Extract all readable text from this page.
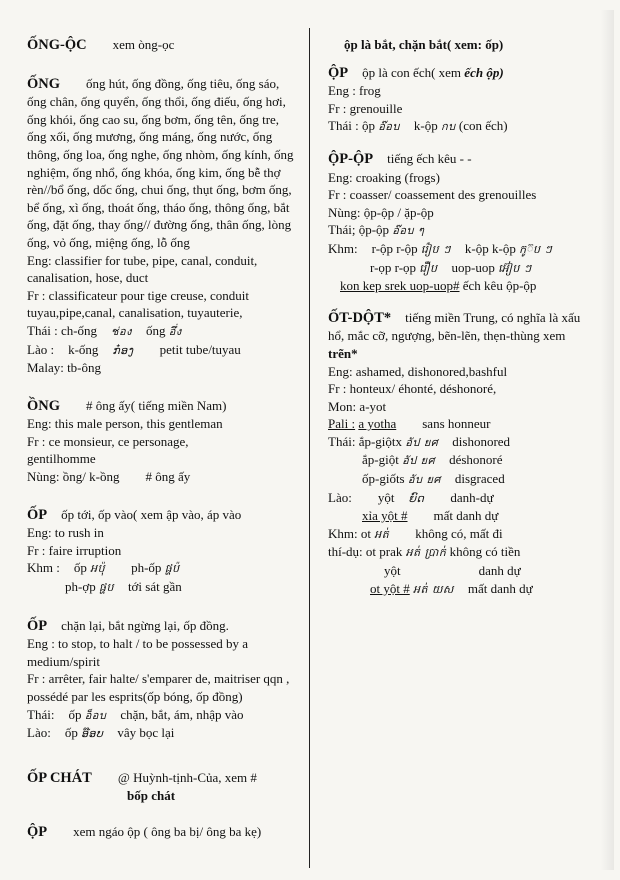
ỐNG-ỘC xem òng-ọc
ỐNG ống hút, ống đồng, ống tiêu, ống sáo, ống chân, ống quyển, ống thổi, ống điếu, ống hơi, ống khói, ống cao su, ống bơm, ống tên, ống tre, ống xối, ống mương, ống máng, ống nước, ống thông, ống loa, ống nghe, ống nhòm, ống kính, ống nghiệm, ống nhổ, ống khóa, ống kim, ống bễ thợ rèn//bổ ống, dốc ống, chui ống, thụt ống, bơm ống, bể ống, xì ống, thoát ống, tháo ống, thông ống, bắt ống, đặt ống, thay ống// đường ống, thân ống, lòng ống, vỏ ống, miệng ống, lỗ ống
Eng: classifier for tube, pipe, canal, conduit, canalisation, hose, duct
Fr : classificateur pour tige creuse, conduit tuyau,pipe,canal, canalisation, tuyauterie,
Thái : ch-ống ช่อง ống อึ่ง
Lào : k-ống ກ໋ອງ petit tube/tuyau
Malay: tb-ông
ỒNG # ông ấy( tiếng miền Nam)
Eng: this male person, this gentleman
Fr : ce monsieur, ce personage,
gentilhomme
Nùng: ồng/ k-ồng # ông ấy
ỐP ốp tới, ốp vào( xem ập vào, áp vào
Eng: to rush in
Fr : faire irruption
Khm : ốp អប៉ុ ph-ốp ផ្ហប៉
ph-ợp ផ្ហប tới sát gần
ỐP chặn lại, bắt ngừng lại, ốp đồng.
Eng : to stop, to halt / to be possessed by a medium/spirit
Fr : arrêter, fair halte/ s'emparer de, maitriser qqn , possédé par les esprits(ốp bóng, ốp đồng)
Thái: ốp อ็อบ chặn, bắt, ám, nhập vào
Lào: ốp ອ໊ອບ vây bọc lại
ỐP CHÁT @ Huỳnh-tịnh-Của, xem #
bốp chát
ỘP xem ngáo ộp ( ông ba bị/ ông ba kẹ)
ộp là bắt, chặn bắt( xem: ốp)
ỘP ộp là con ếch( xem ếch ộp)
Eng : frog
Fr : grenouille
Thái : ộp อ๊อบ k-ộp กบ (con ếch)
ỘP-ỘP tiếng ếch kêu - -
Eng: croaking (frogs)
Fr : coasser/ coassement des grenouilles
Nùng: ộp-ộp / ặp-ộp
Thái; ộp-ộp อ๊อบ ๆ
Khm: r-ộp r-ộp រ៉ៀប ៗ k-ộp k-ộp កូ៊ប ៗ
r-ọp r-ọp រ៉ឿប uop-uop អ៊ៀប ៗ
kon kep srek uop-uop# ếch kêu ộp-ộp
ỐT-DỘT* tiếng miền Trung, có nghĩa là xấu hổ, mắc cỡ, ngượng, bẽn-lẽn, thẹn-thùng xem trẽn*
Eng: ashamed, dishonored,bashful
Fr : honteux/ éhonté, déshonoré,
Mon: a-yot
Pali : a yotha sans honneur
Thái: ắp-giộtx อัป ยศ dishonored
ắp-giột อัป ยศ déshonoré
ốp-giốts อับ ยศ disgraced
Lào: yột ຍົດ danh-dự
xỉa yột # mất danh dự
Khm: ot អត់ không có, mất đi
thí-dụ: ot prak អត់ ប្រាក់ không có tiền
yột	danh dự
ot yột # អត់ យស mất danh dự
